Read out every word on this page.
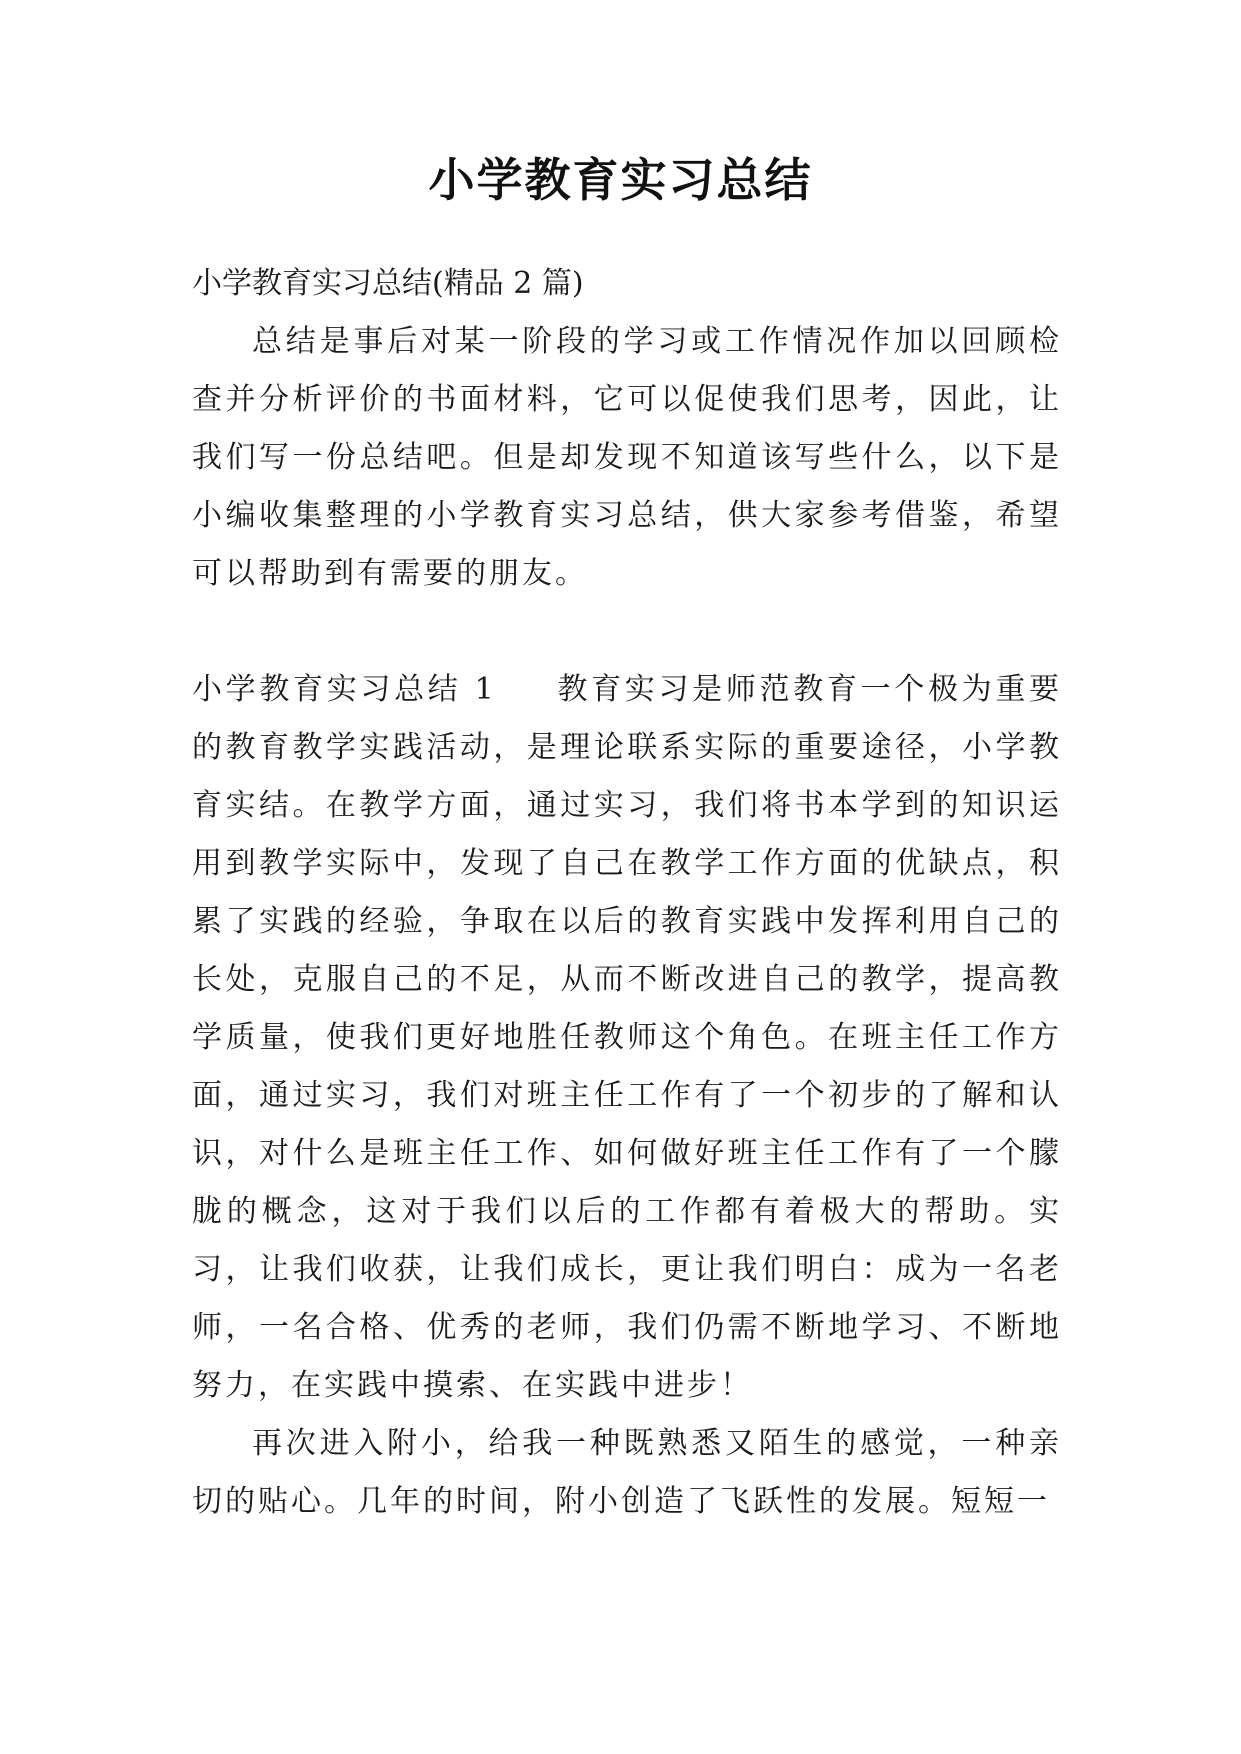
小学教育实习总结

小学教育实习总结(精品 2 篇)

总结是事后对某一阶段的学习或工作情况作加以回顾检查并分析评价的书面材料，它可以促使我们思考，因此，让我们写一份总结吧。但是却发现不知道该写些什么，以下是小编收集整理的小学教育实习总结，供大家参考借鉴，希望可以帮助到有需要的朋友。

小学教育实习总结 1 教育实习是师范教育一个极为重要的教育教学实践活动，是理论联系实际的重要途径，小学教育实结。在教学方面，通过实习，我们将书本学到的知识运用到教学实际中，发现了自己在教学工作方面的优缺点，积累了实践的经验，争取在以后的教育实践中发挥利用自己的长处，克服自己的不足，从而不断改进自己的教学，提高教学质量，使我们更好地胜任教师这个角色。在班主任工作方面，通过实习，我们对班主任工作有了一个初步的了解和认识，对什么是班主任工作、如何做好班主任工作有了一个朦胧的概念，这对于我们以后的工作都有着极大的帮助。实习，让我们收获，让我们成长，更让我们明白：成为一名老师，一名合格、优秀的老师，我们仍需不断地学习、不断地努力，在实践中摸索、在实践中进步！

再次进入附小，给我一种既熟悉又陌生的感觉，一种亲切的贴心。几年的时间，附小创造了飞跃性的发展。短短一
